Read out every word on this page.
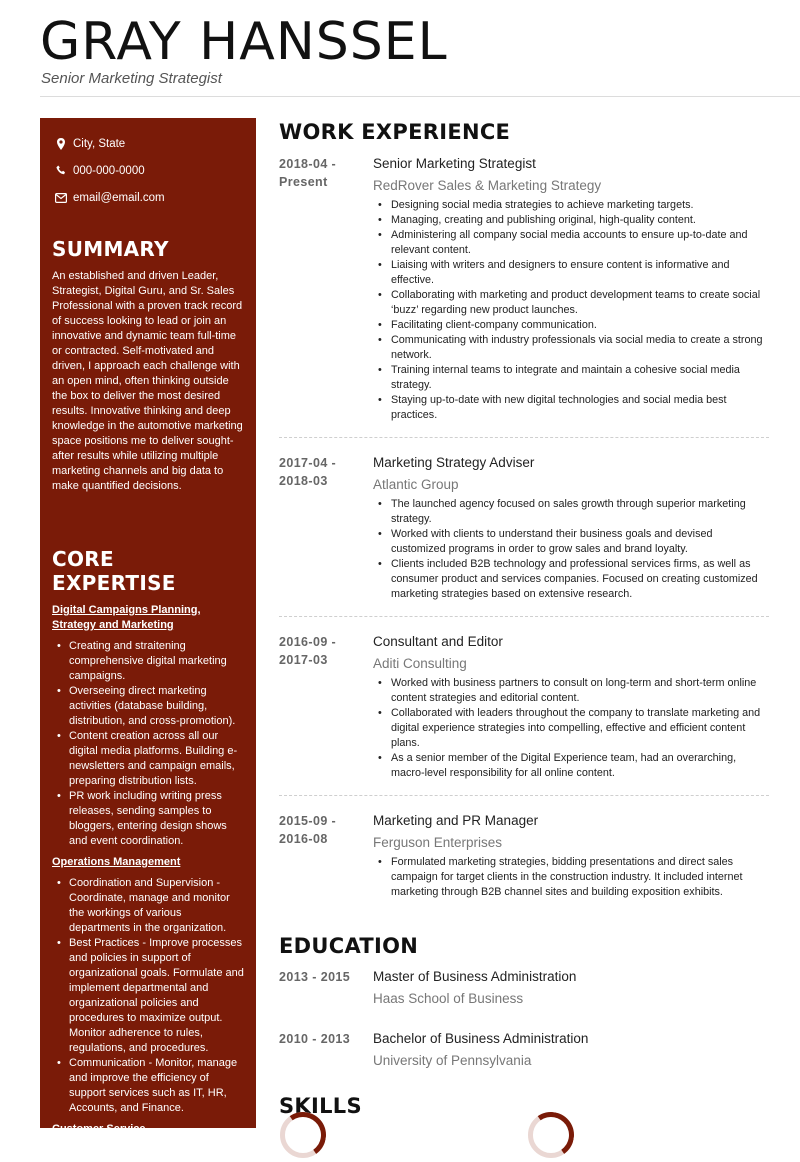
GRAY HANSSEL
Senior Marketing Strategist
City, State
000-000-0000
email@email.com
SUMMARY

An established and driven Leader, Strategist, Digital Guru, and Sr. Sales Professional with a proven track record of success looking to lead or join an innovative and dynamic team full-time or contracted. Self-motivated and driven, I approach each challenge with an open mind, often thinking outside the box to deliver the most desired results. Innovative thinking and deep knowledge in the automotive marketing space positions me to deliver sought-after results while utilizing multiple marketing channels and big data to make quantified decisions.

CORE EXPERTISE
Digital Campaigns Planning, Strategy and Marketing
• Creating and straitening comprehensive digital marketing campaigns.
• Overseeing direct marketing activities (database building, distribution, and cross-promotion).
• Content creation across all our digital media platforms. Building e-newsletters and campaign emails, preparing distribution lists.
• PR work including writing press releases, sending samples to bloggers, entering design shows and event coordination.
Operations Management
• Coordination and Supervision - Coordinate, manage and monitor the workings of various departments in the organization.
• Best Practices - Improve processes and policies in support of organizational goals. Formulate and implement departmental and organizational policies and procedures to maximize output. Monitor adherence to rules, regulations, and procedures.
• Communication - Monitor, manage and improve the efficiency of support services such as IT, HR, Accounts, and Finance.
Customer Service
WORK EXPERIENCE
2018-04 -
Present
Senior Marketing Strategist
RedRover Sales & Marketing Strategy
• Designing social media strategies to achieve marketing targets.
• Managing, creating and publishing original, high-quality content.
• Administering all company social media accounts to ensure up-to-date and relevant content.
• Liaising with writers and designers to ensure content is informative and effective.
• Collaborating with marketing and product development teams to create social ‘buzz’ regarding new product launches.
• Facilitating client-company communication.
• Communicating with industry professionals via social media to create a strong network.
• Training internal teams to integrate and maintain a cohesive social media strategy.
• Staying up-to-date with new digital technologies and social media best practices.
2017-04 -
2018-03
Marketing Strategy Adviser
Atlantic Group
• The launched agency focused on sales growth through superior marketing strategy.
• Worked with clients to understand their business goals and devised customized programs in order to grow sales and brand loyalty.
• Clients included B2B technology and professional services firms, as well as consumer product and services companies. Focused on creating customized marketing strategies based on extensive research.
2016-09 -
2017-03
Consultant and Editor
Aditi Consulting
• Worked with business partners to consult on long-term and short-term online content strategies and editorial content.
• Collaborated with leaders throughout the company to translate marketing and digital experience strategies into compelling, effective and efficient content plans.
• As a senior member of the Digital Experience team, had an overarching, macro-level responsibility for all online content.
2015-09 -
2016-08
Marketing and PR Manager
Ferguson Enterprises
• Formulated marketing strategies, bidding presentations and direct sales campaign for target clients in the construction industry. It included internet marketing through B2B channel sites and building exposition exhibits.
EDUCATION
2013 - 2015	Master of Business Administration
Haas School of Business
2010 - 2013	Bachelor of Business Administration
University of Pennsylvania
SKILLS
